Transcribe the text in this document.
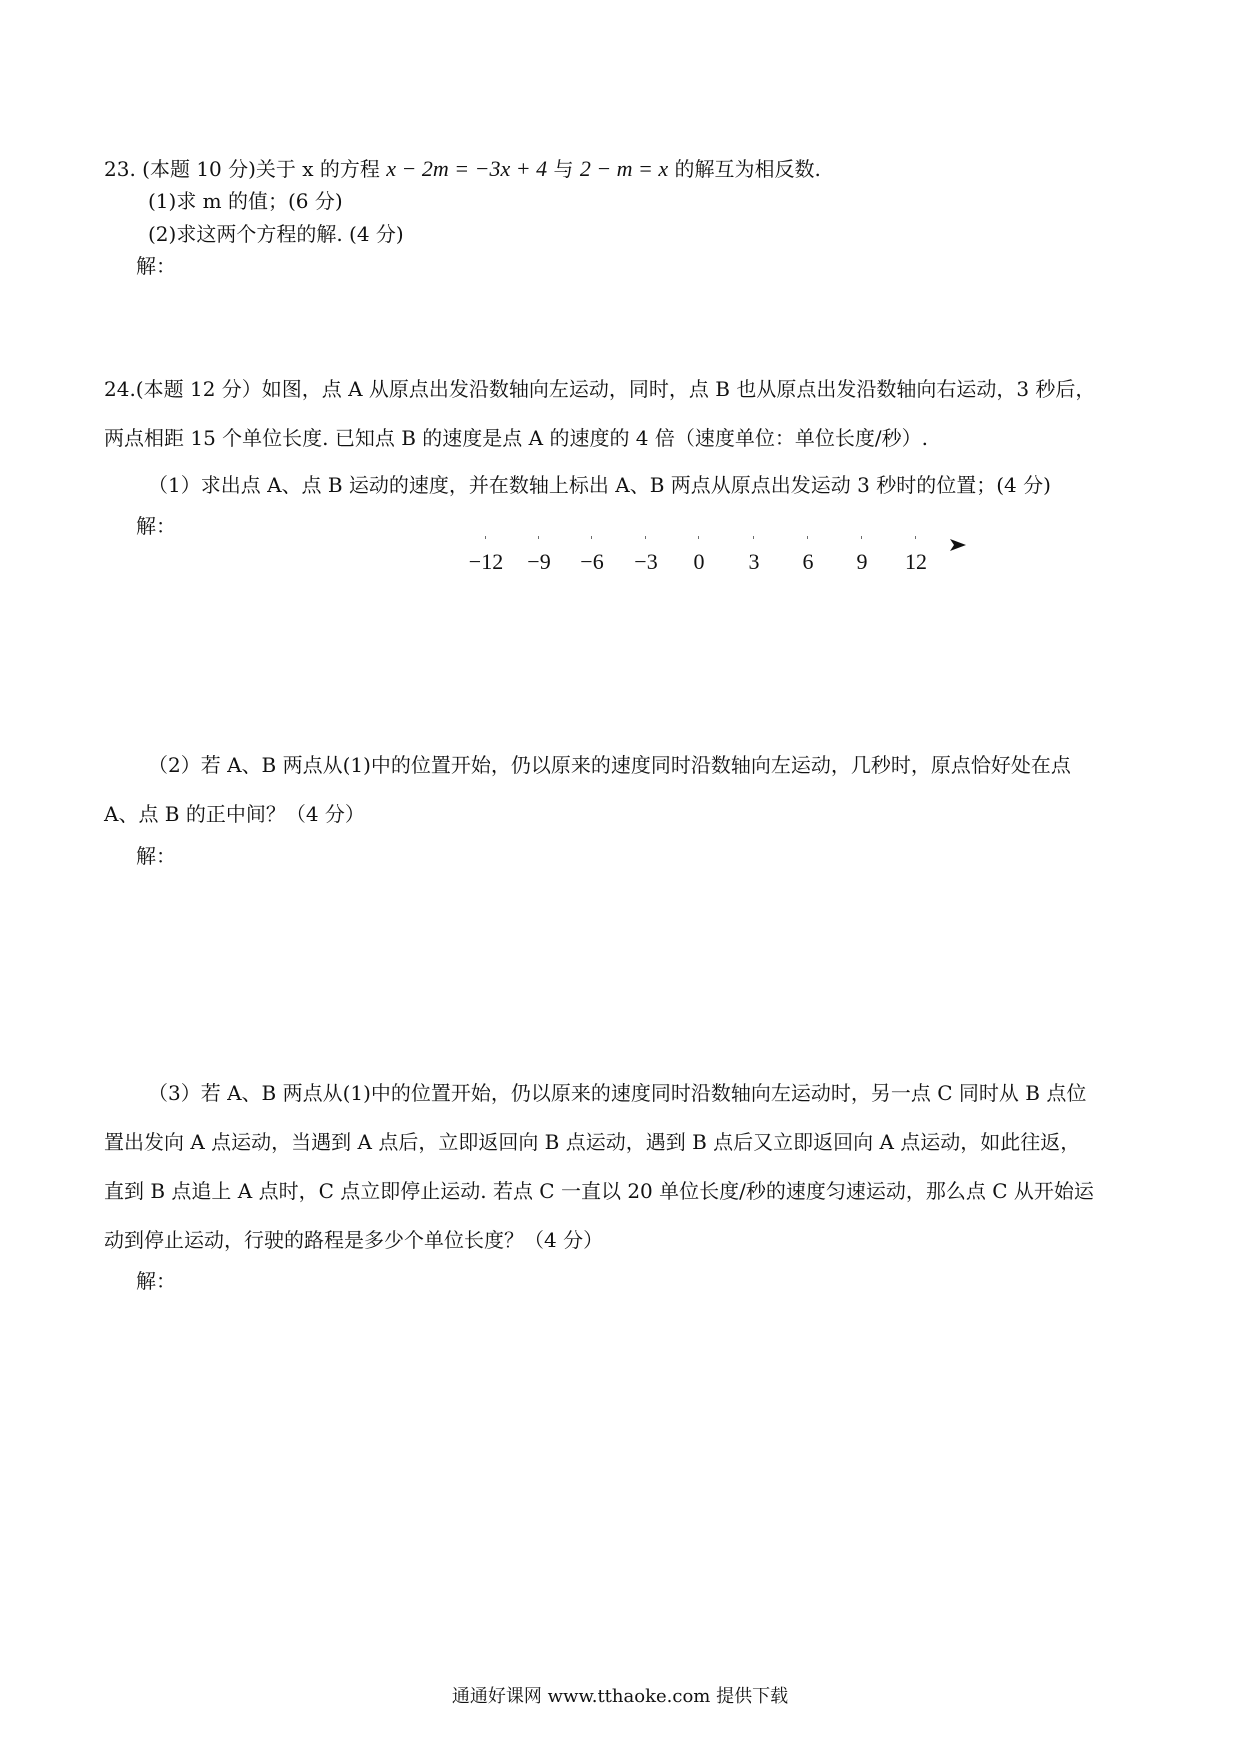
23. (本题 10 分)关于 x 的方程 x − 2m = −3x + 4 与 2 − m = x 的解互为相反数.
(1)求 m 的值；(6 分)
(2)求这两个方程的解. (4 分)
解：
24.(本题 12 分）如图，点 A 从原点出发沿数轴向左运动，同时，点 B 也从原点出发沿数轴向右运动，3 秒后，
两点相距 15 个单位长度. 已知点 B 的速度是点 A 的速度的 4 倍（速度单位：单位长度/秒）.
（1）求出点 A、点 B 运动的速度，并在数轴上标出 A、B 两点从原点出发运动 3 秒时的位置；(4 分)
解：
'	'	'	'	'	'	'	'	'
−12	−9	−6	−3	0	3	6	9	12
（2）若 A、B 两点从(1)中的位置开始，仍以原来的速度同时沿数轴向左运动，几秒时，原点恰好处在点
A、点 B 的正中间？（4 分）
解：
（3）若 A、B 两点从(1)中的位置开始，仍以原来的速度同时沿数轴向左运动时，另一点 C 同时从 B 点位
置出发向 A 点运动，当遇到 A 点后，立即返回向 B 点运动，遇到 B 点后又立即返回向 A 点运动，如此往返，
直到 B 点追上 A 点时，C 点立即停止运动. 若点 C 一直以 20 单位长度/秒的速度匀速运动，那么点 C 从开始运
动到停止运动，行驶的路程是多少个单位长度？（4 分）
解：
通通好课网 www.tthaoke.com 提供下载
